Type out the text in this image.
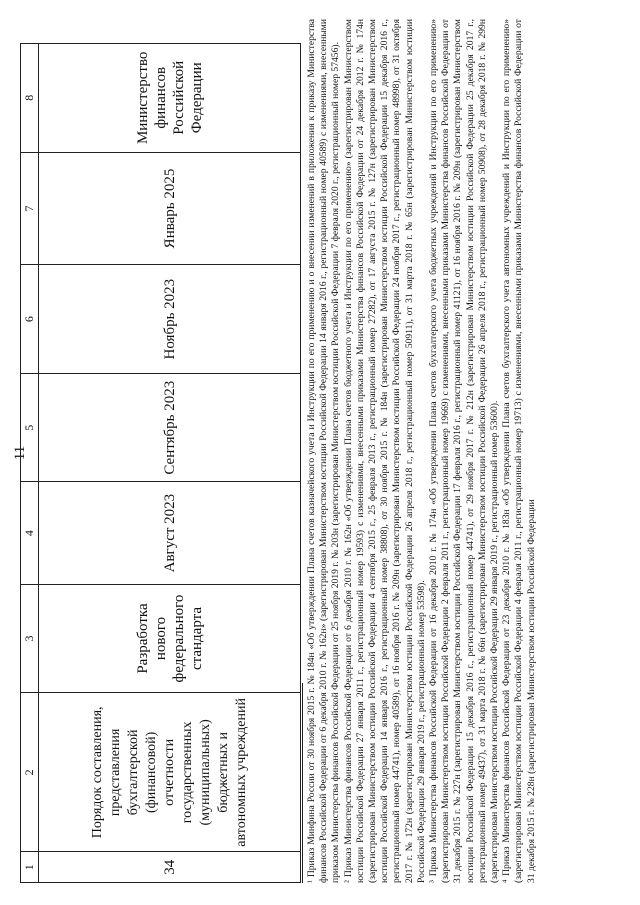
11
1	2	3	4	5	6	7	8
34	Порядок составления, представления бухгалтерской (финансовой) отчетности государственных (муниципальных) бюджетных и автономных учреждений	Разработка нового федерального стандарта	Август 2023	Сентябрь 2023	Ноябрь 2023	Январь 2025	Министерство финансов Российской Федерации	¹ Приказ Минфина России от 30 ноября 2015 г. № 184н «Об утверждении Плана счетов казначейского учета и Инструкции по его применению и о внесении изменений в приложения к приказу Министерства финансов Российской Федерации от 6 декабря 2010 г. № 162н» (зарегистрирован Министерством юстиции Российской Федерации 14 января 2016 г., регистрационный номер 40589) с изменениями, внесенными приказом Министерства финансов Российской Федерации от 25 ноября 2019 г. № 203н (зарегистрирован Министерством юстиции Российской Федерации 7 февраля 2020 г., регистрационный номер 57456). ² Приказ Министерства финансов Российской Федерации от 6 декабря 2010 г. № 162н «Об утверждении Плана счетов бюджетного учета и Инструкции по его применению» (зарегистрирован Министерством юстиции Российской Федерации 27 января 2011 г., регистрационный номер 19593) с изменениями, внесенными приказами Министерства финансов Российской Федерации от 24 декабря 2012 г. № 174н (зарегистрирован Министерством юстиции Российской Федерации 4 сентября 2015 г., 25 февраля 2013 г., регистрационный номер 27282), от 17 августа 2015 г. № 127н (зарегистрирован Министерством юстиции Российской Федерации 14 января 2016 г., регистрационный номер 38808), от 30 ноября 2015 г. № 184н (зарегистрирован Министерством юстиции Российской Федерации 15 декабря 2016 г., регистрационный номер 44741), номер 40589), от 16 ноября 2016 г. № 209н (зарегистрирован Министерством юстиции Российской Федерации 24 ноября 2017 г., регистрационный номер 48998), от 31 октября 2017 г. № 172н (зарегистрирован Министерством юстиции Российской Федерации 26 апреля 2018 г., регистрационный номер 50911), от 31 марта 2018 г. № 65н (зарегистрирован Министерством юстиции Российской Федерации 29 января 2019 г., регистрационный номер 53598). ³ Приказ Министерства финансов Российской Федерации от 16 декабря 2010 г. № 174н «Об утверждении Плана счетов бухгалтерского учета бюджетных учреждений и Инструкции по его применению» (зарегистрирован Министерством юстиции Российской Федерации 2 февраля 2011 г., регистрационный номер 19669) с изменениями, внесенными приказами Министерства финансов Российской Федерации от 31 декабря 2015 г. № 227н (зарегистрирован Министерством юстиции Российской Федерации 17 февраля 2016 г., регистрационный номер 41121), от 16 ноября 2016 г. № 209н (зарегистрирован Министерством юстиции Российской Федерации 15 декабря 2016 г., регистрационный номер 44741), от 29 ноября 2017 г. № 212н (зарегистрирован Министерством юстиции Российской Федерации 25 декабря 2017 г., регистрационный номер 49437), от 31 марта 2018 г. № 66н (зарегистрирован Министерством юстиции Российской Федерации 26 апреля 2018 г., регистрационный номер 50908), от 28 декабря 2018 г. № 299н (зарегистрирован Министерством юстиции Российской Федерации 29 января 2019 г., регистрационный номер 53600). ⁴ Приказ Министерства финансов Российской Федерации от 23 декабря 2010 г. № 183н «Об утверждении Плана счетов бухгалтерского учета автономных учреждений и Инструкции по его применению» (зарегистрирован Министерством юстиции Российской Федерации 4 февраля 2011 г., регистрационный номер 19713) с изменениями, внесенными приказами Министерства финансов Российской Федерации от 31 декабря 2015 г. № 228н (зарегистрирован Министерством юстиции Российской Федерации
